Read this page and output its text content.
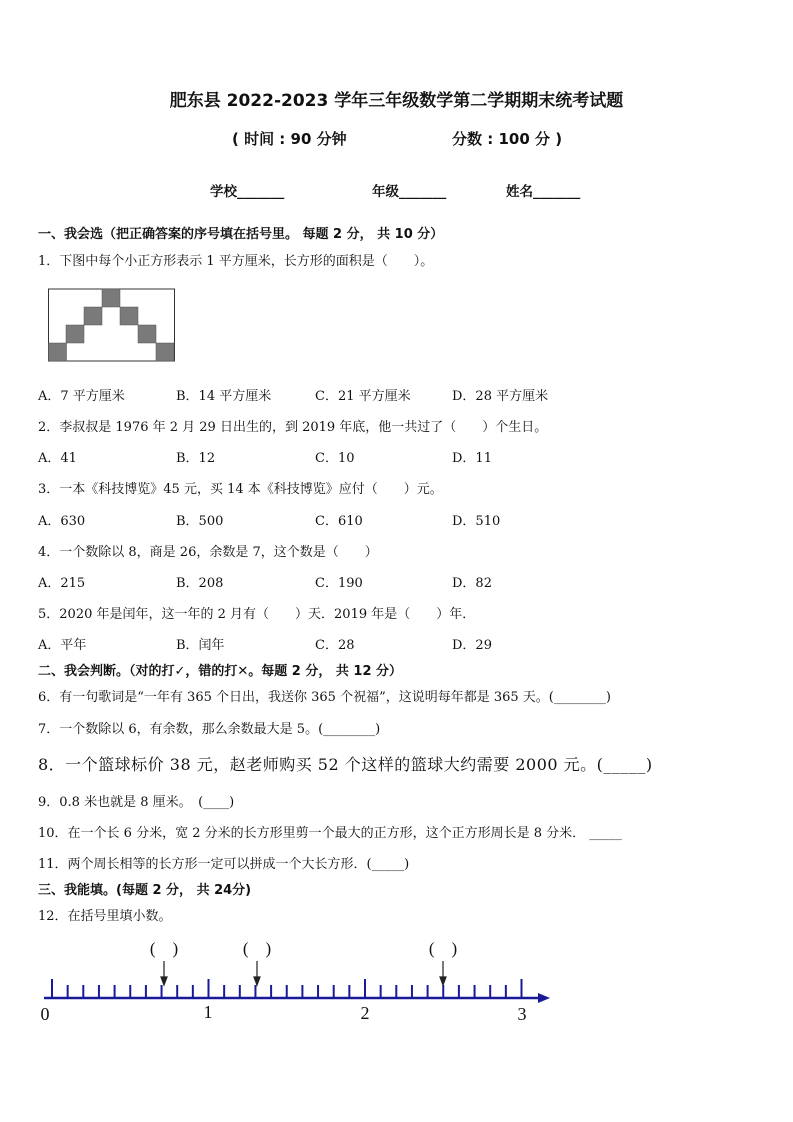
肥东县 2022-2023 学年三年级数学第二学期期末统考试题
( 时间 : 90 分钟	分数 : 100 分 )
学校_______	年级_______	姓名_______
一、我会选（把正确答案的序号填在括号里。 每题 2 分， 共 10 分）
1．下图中每个小正方形表示 1 平方厘米，长方形的面积是（　　）。
A．7 平方厘米	B．14 平方厘米	C．21 平方厘米	D．28 平方厘米
2．李叔叔是 1976 年 2 月 29 日出生的，到 2019 年底，他一共过了（　　）个生日。
A．41	B．12	C．10	D．11
3．一本《科技博览》45 元，买 14 本《科技博览》应付（　　）元。
A．630	B．500	C．610	D．510
4．一个数除以 8，商是 26，余数是 7，这个数是（　　）
A．215	B．208	C．190	D．82
5．2020 年是闰年，这一年的 2 月有（　　）天．2019 年是（　　）年．
A．平年	B．闰年	C．28	D．29
二、我会判断。（对的打✓，错的打✕。每题 2 分， 共 12 分）
6．有一句歌词是“一年有 365 个日出，我送你 365 个祝福”，这说明每年都是 365 天。(________)
7．一个数除以 6，有余数，那么余数最大是 5。(________)
8．一个篮球标价 38 元，赵老师购买 52 个这样的篮球大约需要 2000 元。(_____)
9．0.8 米也就是 8 厘米。　(____)
10．在一个长 6 分米，宽 2 分米的长方形里剪一个最大的正方形，这个正方形周长是 8 分米． _____
11．两个周长相等的长方形一定可以拼成一个大长方形．(_____)
三、我能填。(每题 2 分， 共 24分)
12．在括号里填小数。
0	1	2	3
(　)	(　)	(　)
